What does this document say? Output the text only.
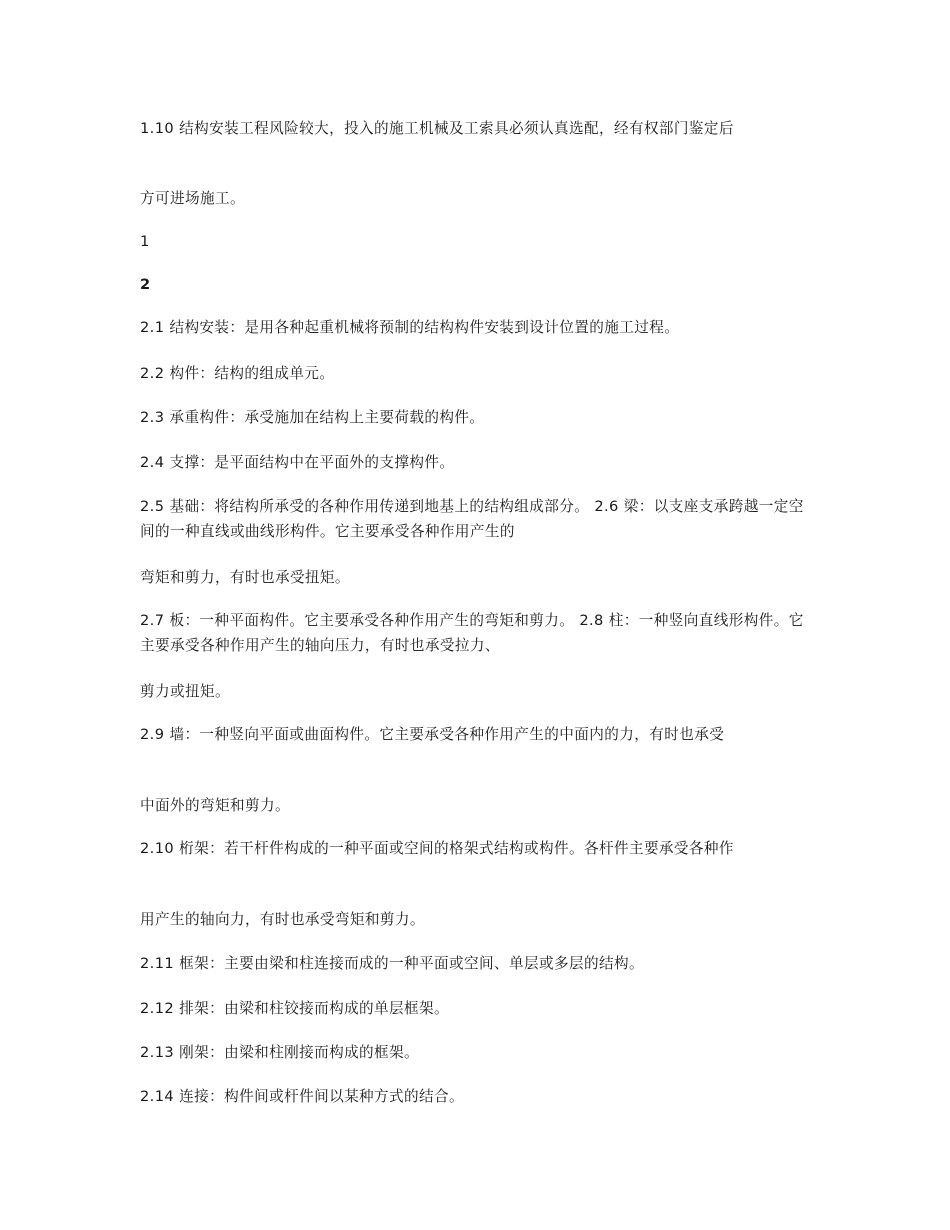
1.10 结构安装工程风险较大，投入的施工机械及工索具必须认真选配，经有权部门鉴定后

方可进场施工。

1

2

2.1 结构安装：是用各种起重机械将预制的结构构件安装到设计位置的施工过程。

2.2 构件：结构的组成单元。

2.3 承重构件：承受施加在结构上主要荷载的构件。

2.4 支撑：是平面结构中在平面外的支撑构件。

2.5 基础：将结构所承受的各种作用传递到地基上的结构组成部分。 2.6 梁：以支座支承跨越一定空间的一种直线或曲线形构件。它主要承受各种作用产生的

弯矩和剪力，有时也承受扭矩。

2.7 板：一种平面构件。它主要承受各种作用产生的弯矩和剪力。 2.8 柱：一种竖向直线形构件。它主要承受各种作用产生的轴向压力，有时也承受拉力、

剪力或扭矩。

2.9 墙：一种竖向平面或曲面构件。它主要承受各种作用产生的中面内的力，有时也承受

中面外的弯矩和剪力。

2.10 桁架：若干杆件构成的一种平面或空间的格架式结构或构件。各杆件主要承受各种作

用产生的轴向力，有时也承受弯矩和剪力。

2.11 框架：主要由梁和柱连接而成的一种平面或空间、单层或多层的结构。

2.12 排架：由梁和柱铰接而构成的单层框架。

2.13 刚架：由梁和柱刚接而构成的框架。

2.14 连接：构件间或杆件间以某种方式的结合。
